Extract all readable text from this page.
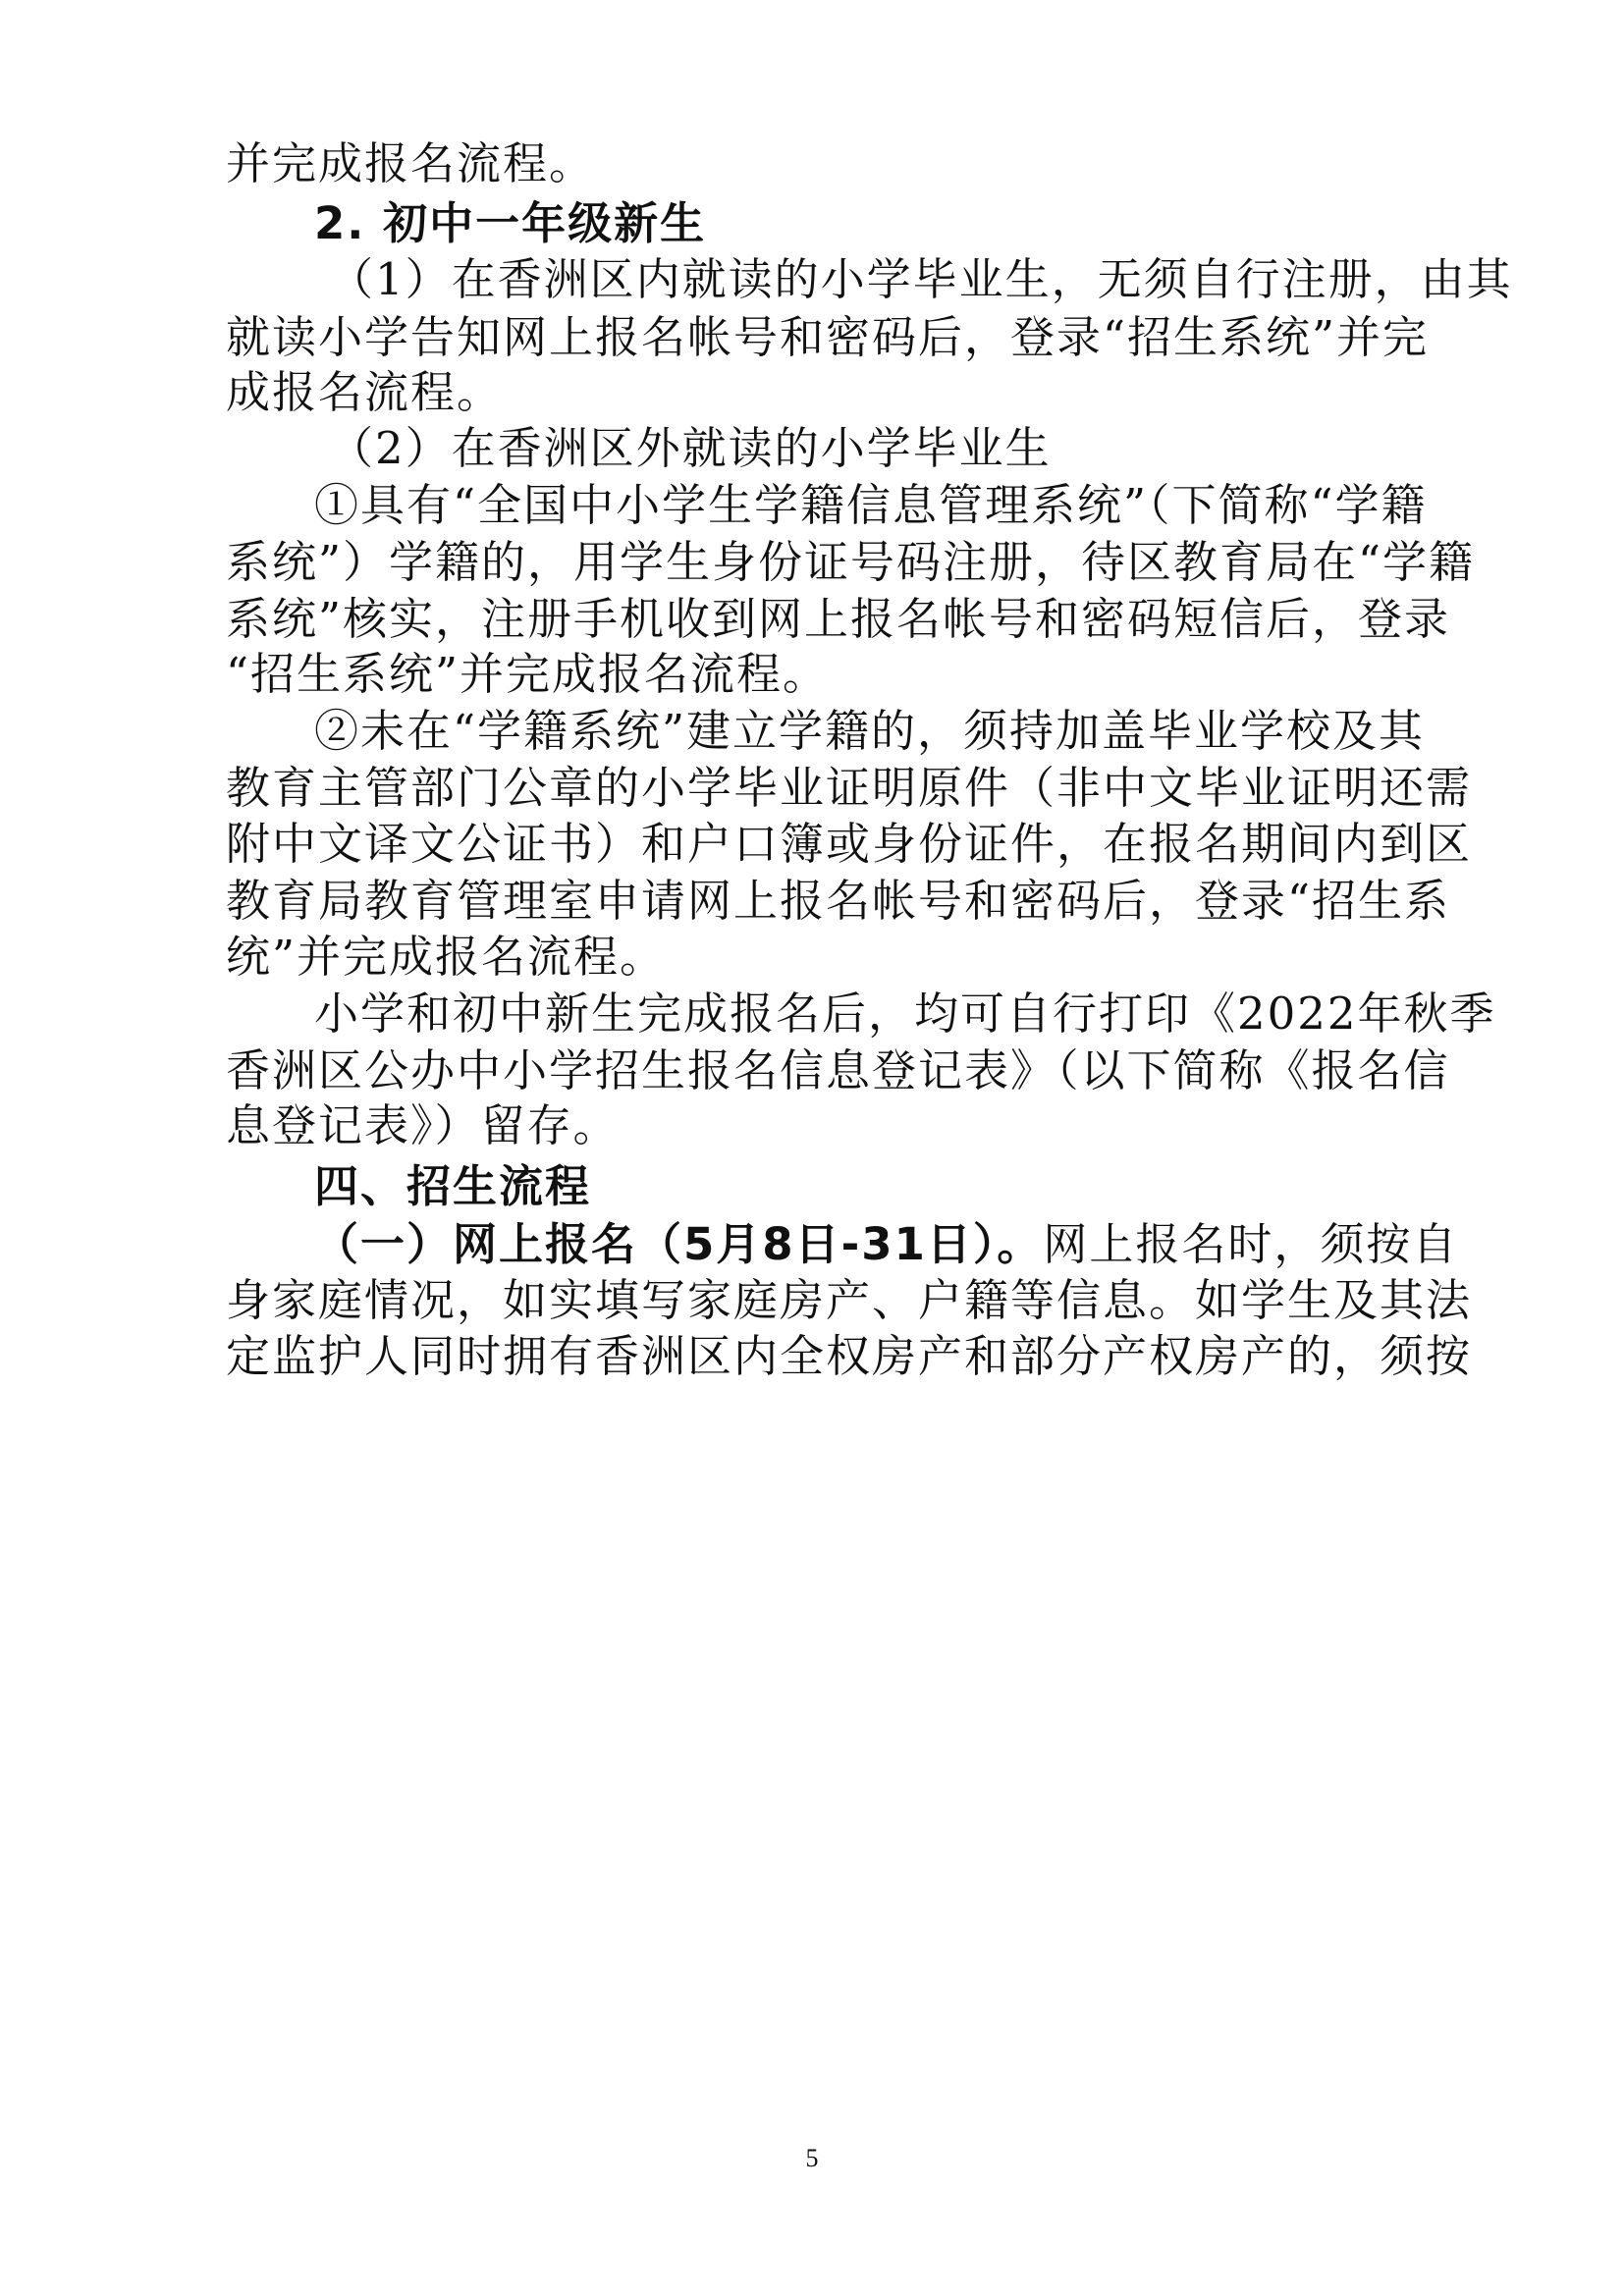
并完成报名流程。
2. 初中一年级新生
（1）在香洲区内就读的小学毕业生，无须自行注册，由其
就读小学告知网上报名帐号和密码后，登录“招生系统”并完
成报名流程。
（2）在香洲区外就读的小学毕业生
①具有“全国中小学生学籍信息管理系统”（下简称“学籍
系统”）学籍的，用学生身份证号码注册，待区教育局在“学籍
系统”核实，注册手机收到网上报名帐号和密码短信后，登录
“招生系统”并完成报名流程。
②未在“学籍系统”建立学籍的，须持加盖毕业学校及其
教育主管部门公章的小学毕业证明原件（非中文毕业证明还需
附中文译文公证书）和户口簿或身份证件，在报名期间内到区
教育局教育管理室申请网上报名帐号和密码后，登录“招生系
统”并完成报名流程。
小学和初中新生完成报名后，均可自行打印《2022年秋季
香洲区公办中小学招生报名信息登记表》（以下简称《报名信
息登记表》）留存。
四、招生流程
（一）网上报名（5月8日-31日）。网上报名时，须按自
身家庭情况，如实填写家庭房产、户籍等信息。如学生及其法
定监护人同时拥有香洲区内全权房产和部分产权房产的，须按
5
